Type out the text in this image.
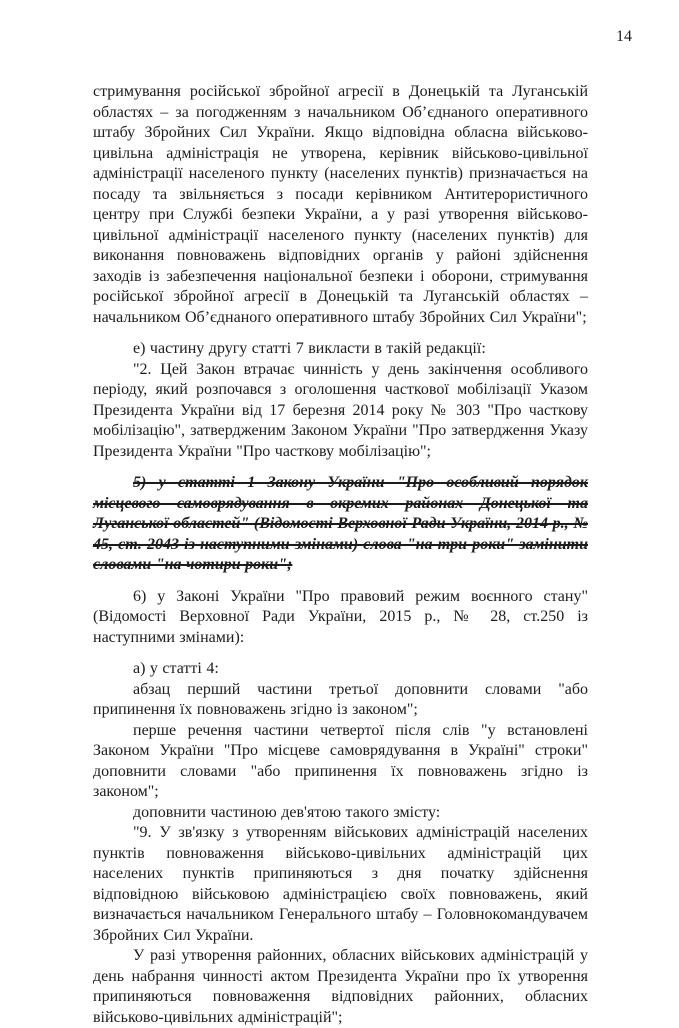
14

стримування російської збройної агресії в Донецькій та Луганській областях – за погодженням з начальником Об’єднаного оперативного штабу Збройних Сил України. Якщо відповідна обласна військово-цивільна адміністрація не утворена, керівник військово-цивільної адміністрації населеного пункту (населених пунктів) призначається на посаду та звільняється з посади керівником Антитерористичного центру при Службі безпеки України, а у разі утворення військово-цивільної адміністрації населеного пункту (населених пунктів) для виконання повноважень відповідних органів у районі здійснення заходів із забезпечення національної безпеки і оборони, стримування російської збройної агресії в Донецькій та Луганській областях – начальником Об’єднаного оперативного штабу Збройних Сил України";

е) частину другу статті 7 викласти в такій редакції:

"2. Цей Закон втрачає чинність у день закінчення особливого періоду, який розпочався з оголошення часткової мобілізації Указом Президента України від 17 березня 2014 року № 303 "Про часткову мобілізацію", затвердженим Законом України "Про затвердження Указу Президента України "Про часткову мобілізацію";

5) у статті 1 Закону України "Про особливий порядок місцевого самоврядування в окремих районах Донецької та Луганської областей" (Відомості Верховної Ради України, 2014 р., № 45, ст. 2043 із наступними змінами) слова "на три роки" замінити словами "на чотири роки";

6) у Законі України "Про правовий режим воєнного стану" (Відомості Верховної Ради України, 2015 р., № 28, ст.250 із наступними змінами):

а) у статті 4:

абзац перший частини третьої доповнити словами "або припинення їх повноважень згідно із законом";

перше речення частини четвертої після слів "у встановлені Законом України "Про місцеве самоврядування в Україні" строки" доповнити словами "або припинення їх повноважень згідно із законом";

доповнити частиною дев'ятою такого змісту:

"9. У зв'язку з утворенням військових адміністрацій населених пунктів повноваження військово-цивільних адміністрацій цих населених пунктів припиняються з дня початку здійснення відповідною військовою адміністрацією своїх повноважень, який визначається начальником Генерального штабу – Головнокомандувачем Збройних Сил України.

У разі утворення районних, обласних військових адміністрацій у день набрання чинності актом Президента України про їх утворення припиняються повноваження відповідних районних, обласних військово-цивільних адміністрацій";
